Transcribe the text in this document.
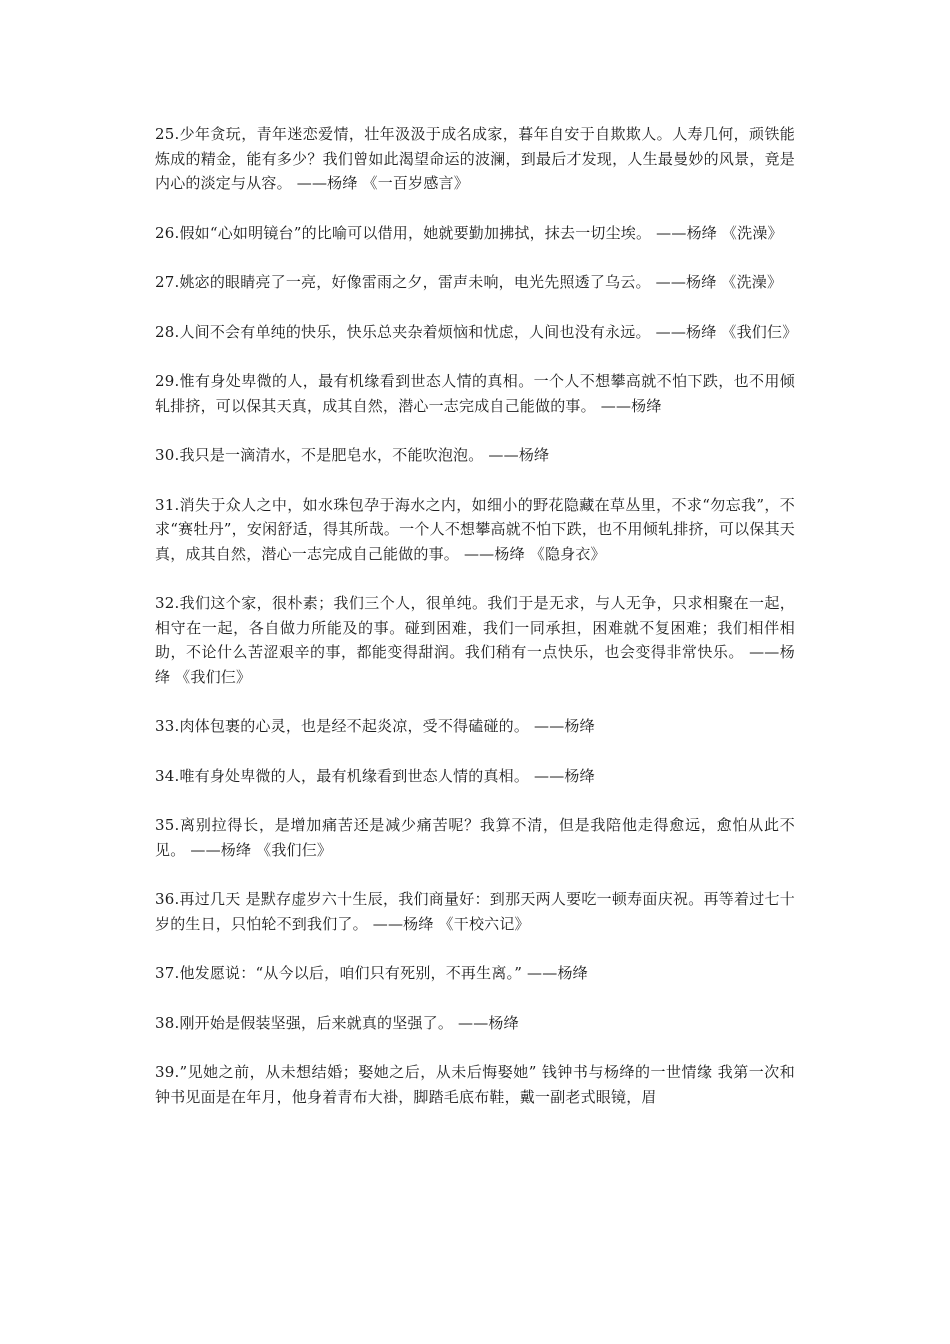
25.少年贪玩，青年迷恋爱情，壮年汲汲于成名成家，暮年自安于自欺欺人。人寿几何，顽铁能炼成的精金，能有多少？我们曾如此渴望命运的波澜，到最后才发现，人生最曼妙的风景，竟是内心的淡定与从容。 ——杨绛 《一百岁感言》

26.假如“心如明镜台”的比喻可以借用，她就要勤加拂拭，抹去一切尘埃。 ——杨绛 《洗澡》

27.姚宓的眼睛亮了一亮，好像雷雨之夕，雷声未响，电光先照透了乌云。 ——杨绛 《洗澡》

28.人间不会有单纯的快乐，快乐总夹杂着烦恼和忧虑，人间也没有永远。 ——杨绛 《我们仨》

29.惟有身处卑微的人，最有机缘看到世态人情的真相。一个人不想攀高就不怕下跌，也不用倾轧排挤，可以保其天真，成其自然，潜心一志完成自己能做的事。 ——杨绛

30.我只是一滴清水，不是肥皂水，不能吹泡泡。 ——杨绛

31.消失于众人之中，如水珠包孕于海水之内，如细小的野花隐藏在草丛里，不求“勿忘我”，不求“赛牡丹”，安闲舒适，得其所哉。一个人不想攀高就不怕下跌，也不用倾轧排挤，可以保其天真，成其自然，潜心一志完成自己能做的事。 ——杨绛 《隐身衣》

32.我们这个家，很朴素；我们三个人，很单纯。我们于是无求，与人无争，只求相聚在一起，相守在一起，各自做力所能及的事。碰到困难，我们一同承担，困难就不复困难；我们相伴相助，不论什么苦涩艰辛的事，都能变得甜润。我们稍有一点快乐，也会变得非常快乐。 ——杨绛 《我们仨》

33.肉体包裹的心灵，也是经不起炎凉，受不得磕碰的。 ——杨绛

34.唯有身处卑微的人，最有机缘看到世态人情的真相。 ——杨绛

35.离别拉得长，是增加痛苦还是减少痛苦呢？我算不清，但是我陪他走得愈远，愈怕从此不见。 ——杨绛 《我们仨》

36.再过几天 是默存虚岁六十生辰，我们商量好：到那天两人要吃一顿寿面庆祝。再等着过七十 岁的生日，只怕轮不到我们了。 ——杨绛 《干校六记》

37.他发愿说：“从今以后，咱们只有死别，不再生离。” ——杨绛

38.刚开始是假装坚强，后来就真的坚强了。 ——杨绛

39.”见她之前，从未想结婚；娶她之后，从未后悔娶她” 钱钟书与杨绛的一世情缘 我第一次和钟书见面是在年月，他身着青布大褂，脚踏毛底布鞋，戴一副老式眼镜，眉
